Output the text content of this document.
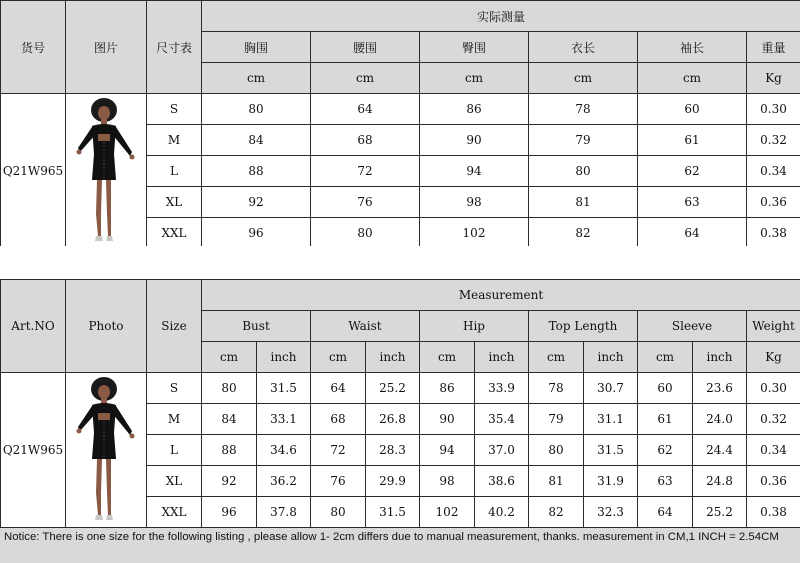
货号	图片	尺寸表	实际测量					
			胸围	腰围	臀围	衣长	袖长	重量
			cm	cm	cm	cm	cm	Kg
Q21W965		S	80	64	86	78	60	0.30
		M	84	68	90	79	61	0.32
		L	88	72	94	80	62	0.34
		XL	92	76	98	81	63	0.36
		XXL	96	80	102	82	64	0.38
Art.NO	Photo	Size	Measurement										
			Bust		Waist		Hip		Top Length		Sleeve		Weight
			cm	inch	cm	inch	cm	inch	cm	inch	cm	inch	Kg
Q21W965		S	80	31.5	64	25.2	86	33.9	78	30.7	60	23.6	0.30
		M	84	33.1	68	26.8	90	35.4	79	31.1	61	24.0	0.32
		L	88	34.6	72	28.3	94	37.0	80	31.5	62	24.4	0.34
		XL	92	36.2	76	29.9	98	38.6	81	31.9	63	24.8	0.36
		XXL	96	37.8	80	31.5	102	40.2	82	32.3	64	25.2	0.38
Notice: There is one size for the following listing , please allow 1- 2cm differs due to manual measurement, thanks. measurement in CM,1 INCH = 2.54CM
